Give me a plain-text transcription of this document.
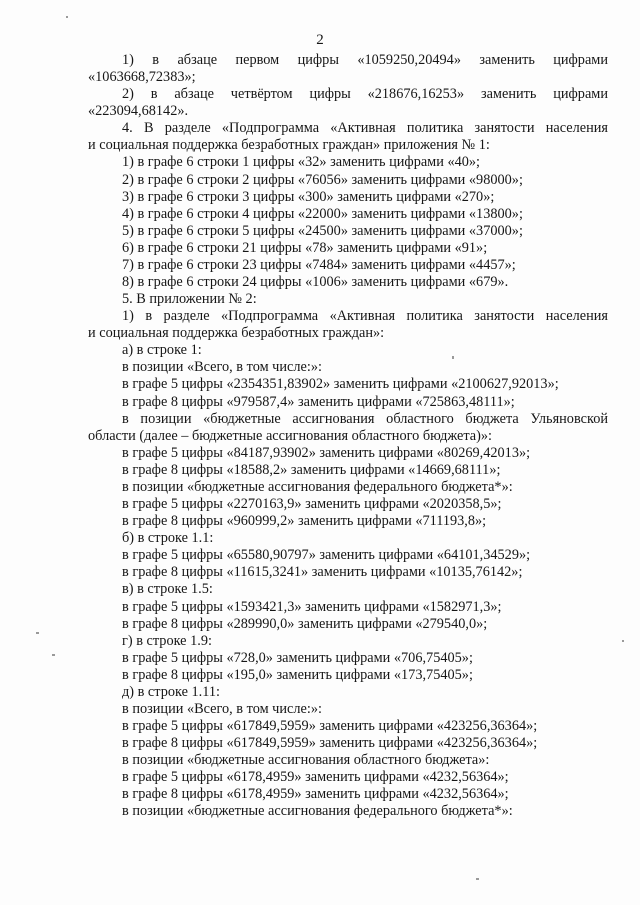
2
1) в абзаце первом цифры «1059250,20494» заменить цифрами
«1063668,72383»;
2) в абзаце четвёртом цифры «218676,16253» заменить цифрами
«223094,68142».
4. В разделе «Подпрограмма «Активная политика занятости населения
и социальная поддержка безработных граждан» приложения № 1:
1) в графе 6 строки 1 цифры «32» заменить цифрами «40»;
2) в графе 6 строки 2 цифры «76056» заменить цифрами «98000»;
3) в графе 6 строки 3 цифры «300» заменить цифрами «270»;
4) в графе 6 строки 4 цифры «22000» заменить цифрами «13800»;
5) в графе 6 строки 5 цифры «24500» заменить цифрами «37000»;
6) в графе 6 строки 21 цифры «78» заменить цифрами «91»;
7) в графе 6 строки 23 цифры «7484» заменить цифрами «4457»;
8) в графе 6 строки 24 цифры «1006» заменить цифрами «679».
5. В приложении № 2:
1) в разделе «Подпрограмма «Активная политика занятости населения
и социальная поддержка безработных граждан»:
а) в строке 1:
в позиции «Всего, в том числе:»:
в графе 5 цифры «2354351,83902» заменить цифрами «2100627,92013»;
в графе 8 цифры «979587,4» заменить цифрами «725863,48111»;
в позиции «бюджетные ассигнования областного бюджета Ульяновской
области (далее – бюджетные ассигнования областного бюджета)»:
в графе 5 цифры «84187,93902» заменить цифрами «80269,42013»;
в графе 8 цифры «18588,2» заменить цифрами «14669,68111»;
в позиции «бюджетные ассигнования федерального бюджета*»:
в графе 5 цифры «2270163,9» заменить цифрами «2020358,5»;
в графе 8 цифры «960999,2» заменить цифрами «711193,8»;
б) в строке 1.1:
в графе 5 цифры «65580,90797» заменить цифрами «64101,34529»;
в графе 8 цифры «11615,3241» заменить цифрами «10135,76142»;
в) в строке 1.5:
в графе 5 цифры «1593421,3» заменить цифрами «1582971,3»;
в графе 8 цифры «289990,0» заменить цифрами «279540,0»;
г) в строке 1.9:
в графе 5 цифры «728,0» заменить цифрами «706,75405»;
в графе 8 цифры «195,0» заменить цифрами «173,75405»;
д) в строке 1.11:
в позиции «Всего, в том числе:»:
в графе 5 цифры «617849,5959» заменить цифрами «423256,36364»;
в графе 8 цифры «617849,5959» заменить цифрами «423256,36364»;
в позиции «бюджетные ассигнования областного бюджета»:
в графе 5 цифры «6178,4959» заменить цифрами «4232,56364»;
в графе 8 цифры «6178,4959» заменить цифрами «4232,56364»;
в позиции «бюджетные ассигнования федерального бюджета*»:
